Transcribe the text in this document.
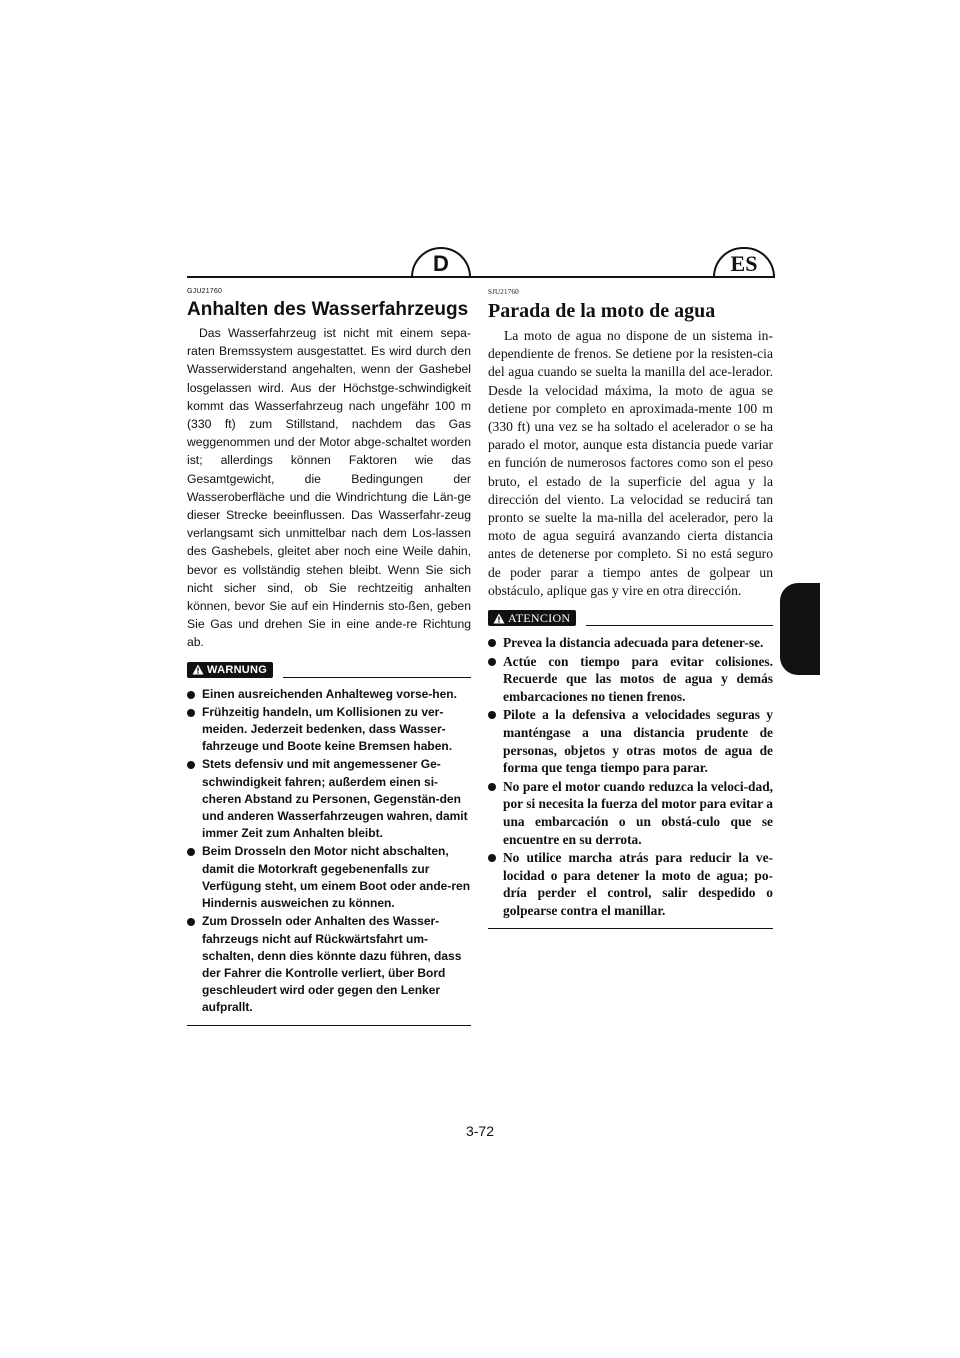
D	ES
GJU21760
Anhalten des Wasserfahrzeugs

Das Wasserfahrzeug ist nicht mit einem sepa-raten Bremssystem ausgestattet. Es wird durch den Wasserwiderstand angehalten, wenn der Gashebel losgelassen wird. Aus der Höchstge-schwindigkeit kommt das Wasserfahrzeug nach ungefähr 100 m (330 ft) zum Stillstand, nachdem das Gas weggenommen und der Motor abge-schaltet worden ist; allerdings können Faktoren wie das Gesamtgewicht, die Bedingungen der Wasseroberfläche und die Windrichtung die Län-ge dieser Strecke beeinflussen. Das Wasserfahr-zeug verlangsamt sich unmittelbar nach dem Los-lassen des Gashebels, gleitet aber noch eine Weile dahin, bevor es vollständig stehen bleibt. Wenn Sie sich nicht sicher sind, ob Sie rechtzeitig anhalten können, bevor Sie auf ein Hindernis sto-ßen, geben Sie Gas und drehen Sie in eine ande-re Richtung ab.

WARNUNG
Einen ausreichenden Anhalteweg vorse-hen.
Frühzeitig handeln, um Kollisionen zu ver-meiden. Jederzeit bedenken, dass Wasser-fahrzeuge und Boote keine Bremsen haben.
Stets defensiv und mit angemessener Ge-schwindigkeit fahren; außerdem einen si-cheren Abstand zu Personen, Gegenstän-den und anderen Wasserfahrzeugen wahren, damit immer Zeit zum Anhalten bleibt.
Beim Drosseln den Motor nicht abschalten, damit die Motorkraft gegebenenfalls zur Verfügung steht, um einem Boot oder ande-ren Hindernis ausweichen zu können.
Zum Drosseln oder Anhalten des Wasser-fahrzeugs nicht auf Rückwärtsfahrt um-schalten, denn dies könnte dazu führen, dass der Fahrer die Kontrolle verliert, über Bord geschleudert wird oder gegen den Lenker aufprallt.
SJU21760
Parada de la moto de agua

La moto de agua no dispone de un sistema in-dependiente de frenos. Se detiene por la resisten-cia del agua cuando se suelta la manilla del ace-lerador. Desde la velocidad máxima, la moto de agua se detiene por completo en aproximada-mente 100 m (330 ft) una vez se ha soltado el acelerador o se ha parado el motor, aunque esta distancia puede variar en función de numerosos factores como son el peso bruto, el estado de la superficie del agua y la dirección del viento. La velocidad se reducirá tan pronto se suelte la ma-nilla del acelerador, pero la moto de agua seguirá avanzando cierta distancia antes de detenerse por completo. Si no está seguro de poder parar a tiempo antes de golpear un obstáculo, aplique gas y vire en otra dirección.

ATENCION
Prevea la distancia adecuada para detener-se.
Actúe con tiempo para evitar colisiones. Recuerde que las motos de agua y demás embarcaciones no tienen frenos.
Pilote a la defensiva a velocidades seguras y manténgase a una distancia prudente de personas, objetos y otras motos de agua de forma que tenga tiempo para parar.
No pare el motor cuando reduzca la veloci-dad, por si necesita la fuerza del motor para evitar a una embarcación o un obstá-culo que se encuentre en su derrota.
No utilice marcha atrás para reducir la ve-locidad o para detener la moto de agua; po-dría perder el control, salir despedido o golpearse contra el manillar.
3-72
